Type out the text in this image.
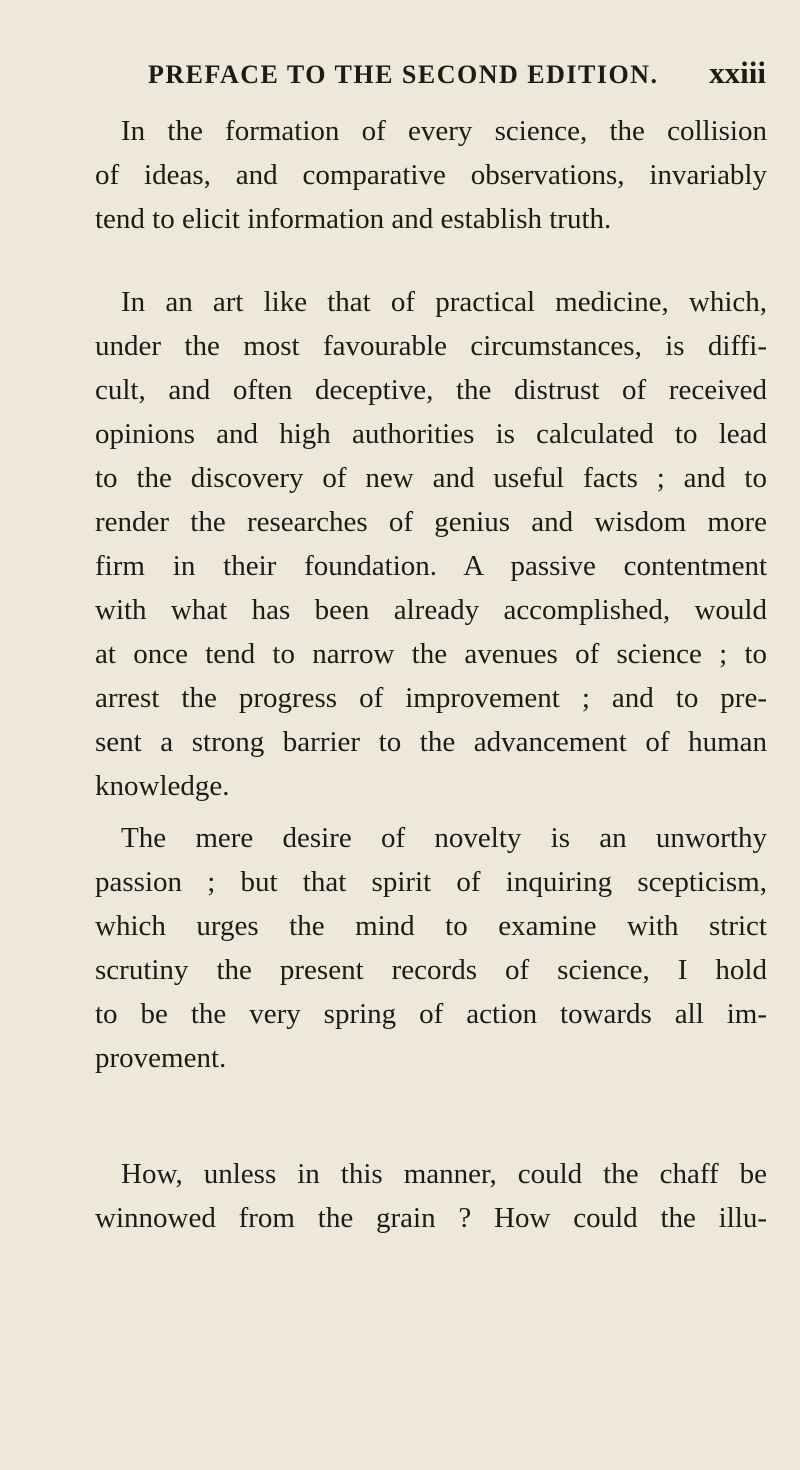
PREFACE TO THE SECOND EDITION. xxiii
In the formation of every science, the collision
of ideas, and comparative observations, invariably
tend to elicit information and establish truth.
In an art like that of practical medicine, which,
under the most favourable circumstances, is diffi-
cult, and often deceptive, the distrust of received
opinions and high authorities is calculated to lead
to the discovery of new and useful facts ; and to
render the researches of genius and wisdom more
firm in their foundation. A passive contentment
with what has been already accomplished, would
at once tend to narrow the avenues of science ; to
arrest the progress of improvement ; and to pre-
sent a strong barrier to the advancement of human
knowledge.
The mere desire of novelty is an unworthy
passion ; but that spirit of inquiring scepticism,
which urges the mind to examine with strict
scrutiny the present records of science, I hold
to be the very spring of action towards all im-
provement.
How, unless in this manner, could the chaff be
winnowed from the grain ? How could the illu-
